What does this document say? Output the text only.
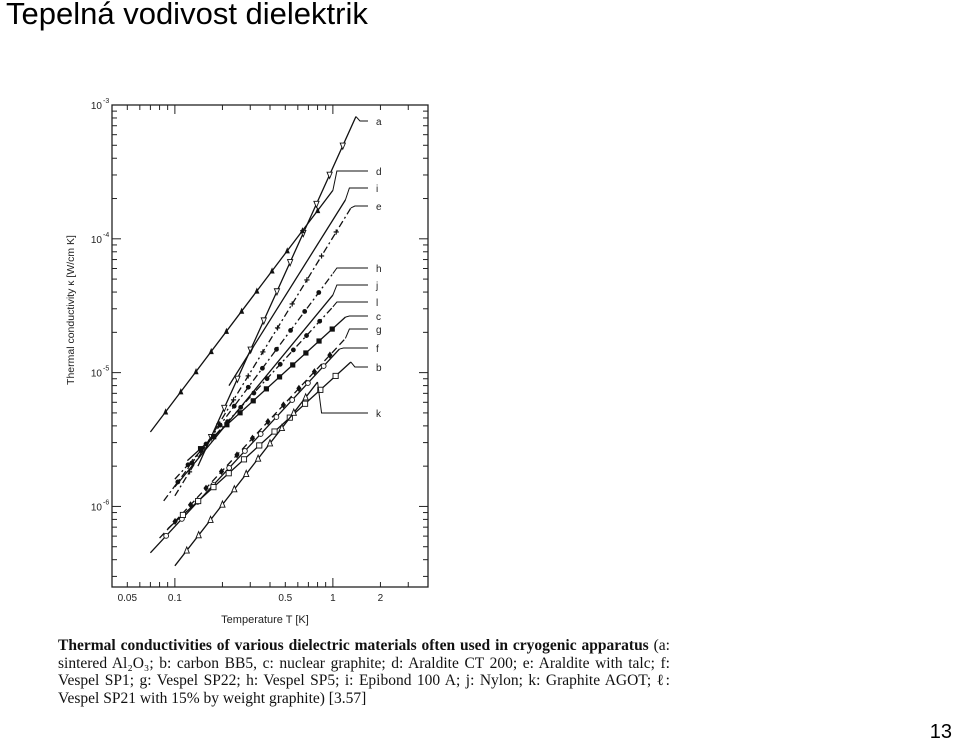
Tepelná vodivost dielektrik
10 -6
10 -5
10 -4
10 -3
0.05	0.1	0.5	1	2
a
d
i
e
h
j
l
c
g
f
b
k
Temperature T [K]
Thermal conductivity κ [W/cm K]
Thermal conductivities of various dielectric materials often used in cryogenic apparatus (a: sintered Al₂O₃; b: carbon BB5, c: nuclear graphite; d: Araldite CT 200; e: Araldite with talc; f: Vespel SP1; g: Vespel SP22; h: Vespel SP5; i: Epibond 100 A; j: Nylon; k: Graphite AGOT; ℓ: Vespel SP21 with 15% by weight graphite) [3.57]
13
